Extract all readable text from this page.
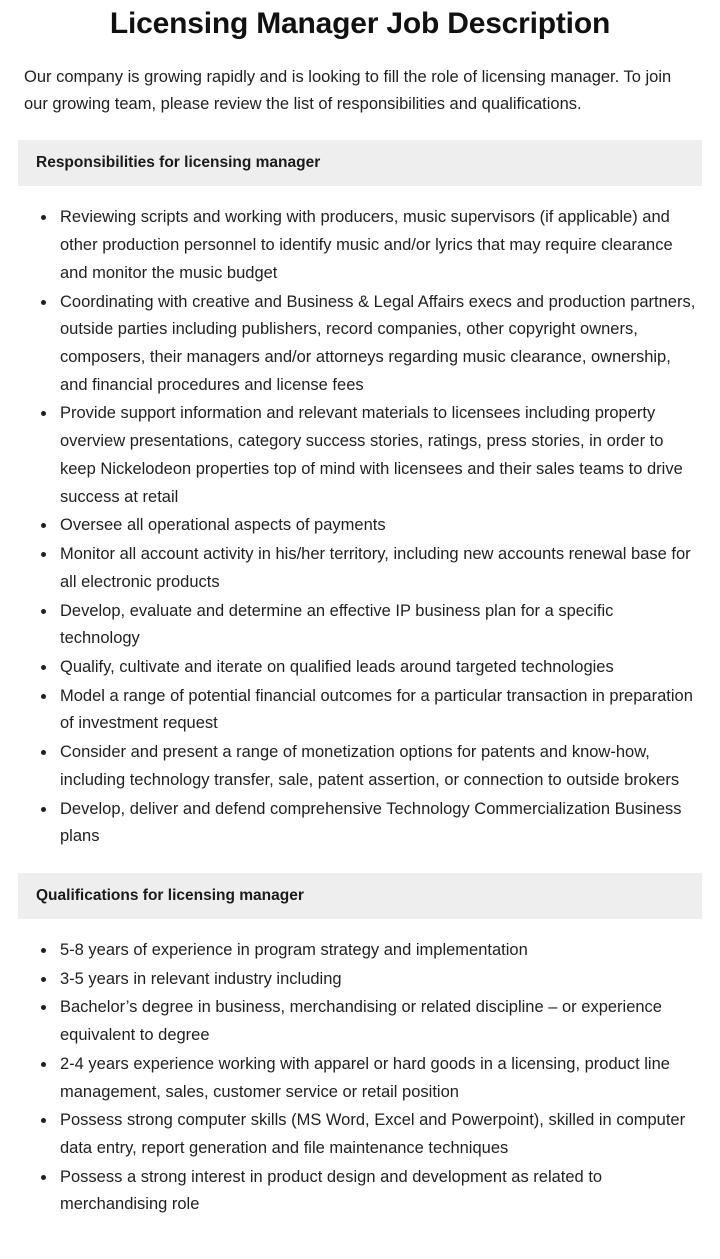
Licensing Manager Job Description

Our company is growing rapidly and is looking to fill the role of licensing manager. To join our growing team, please review the list of responsibilities and qualifications.

Responsibilities for licensing manager
Reviewing scripts and working with producers, music supervisors (if applicable) and other production personnel to identify music and/or lyrics that may require clearance and monitor the music budget
Coordinating with creative and Business & Legal Affairs execs and production partners, outside parties including publishers, record companies, other copyright owners, composers, their managers and/or attorneys regarding music clearance, ownership, and financial procedures and license fees
Provide support information and relevant materials to licensees including property overview presentations, category success stories, ratings, press stories, in order to keep Nickelodeon properties top of mind with licensees and their sales teams to drive success at retail
Oversee all operational aspects of payments
Monitor all account activity in his/her territory, including new accounts renewal base for all electronic products
Develop, evaluate and determine an effective IP business plan for a specific technology
Qualify, cultivate and iterate on qualified leads around targeted technologies
Model a range of potential financial outcomes for a particular transaction in preparation of investment request
Consider and present a range of monetization options for patents and know-how, including technology transfer, sale, patent assertion, or connection to outside brokers
Develop, deliver and defend comprehensive Technology Commercialization Business plans
Qualifications for licensing manager
5-8 years of experience in program strategy and implementation
3-5 years in relevant industry including
Bachelor’s degree in business, merchandising or related discipline – or experience equivalent to degree
2-4 years experience working with apparel or hard goods in a licensing, product line management, sales, customer service or retail position
Possess strong computer skills (MS Word, Excel and Powerpoint), skilled in computer data entry, report generation and file maintenance techniques
Possess a strong interest in product design and development as related to merchandising role
